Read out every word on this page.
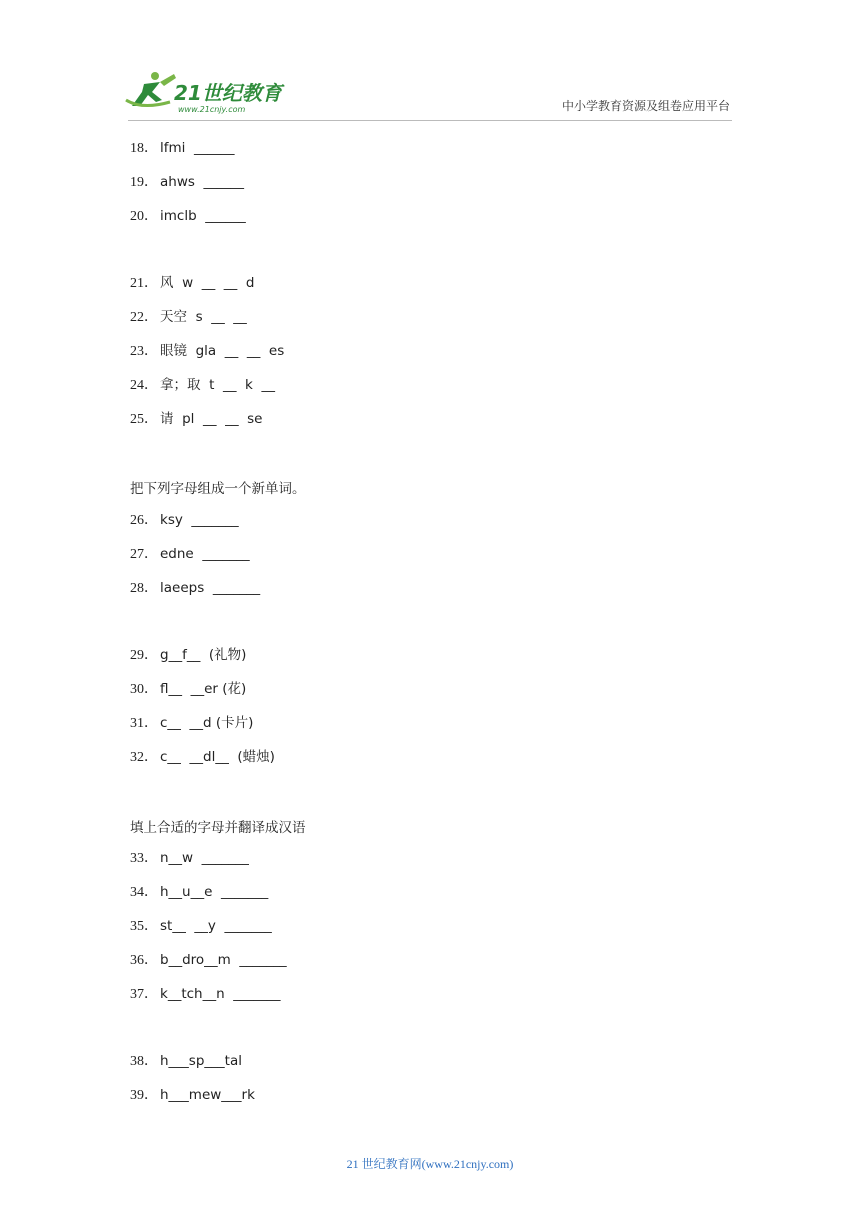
21世纪教育
www.21cnjy.com	中小学教育资源及组卷应用平台
18． lfmi  ______
19． ahws  ______
20． imclb  ______
21． 风  w  __  __  d
22． 天空  s  __  __
23． 眼镜  gla  __  __  es
24． 拿；取  t  __  k  __
25． 请  pl  __  __  se
26． ksy  _______
27． edne  _______
28． laeeps  _______
29． g__f__  (礼物)
30． fl__  __er (花)
31． c__  __d (卡片)
32． c__  __dl__  (蜡烛)
33． n__w  _______
34． h__u__e  _______
35． st__  __y  _______
36． b__dro__m  _______
37． k__tch__n  _______
38． h___sp___tal
39． h___mew___rk
把下列字母组成一个新单词。
填上合适的字母并翻译成汉语
21 世纪教育网(www.21cnjy.com)
